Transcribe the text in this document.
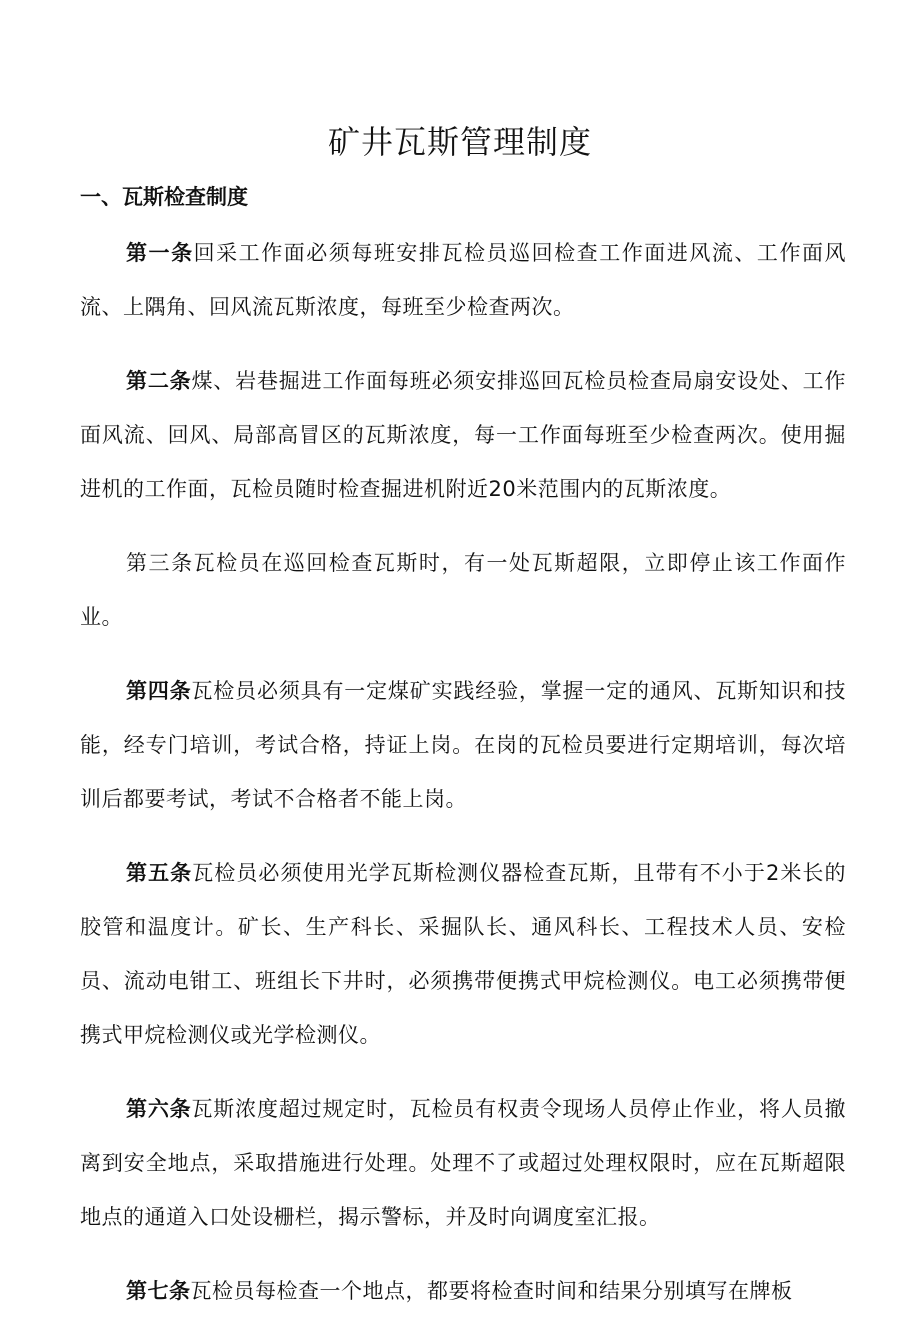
矿井瓦斯管理制度
一、瓦斯检查制度

第一条回采工作面必须每班安排瓦检员巡回检查工作面进风流、工作面风流、上隅角、回风流瓦斯浓度，每班至少检查两次。

第二条煤、岩巷掘进工作面每班必须安排巡回瓦检员检查局扇安设处、工作面风流、回风、局部高冒区的瓦斯浓度，每一工作面每班至少检查两次。使用掘进机的工作面，瓦检员随时检查掘进机附近20米范围内的瓦斯浓度。

第三条瓦检员在巡回检查瓦斯时，有一处瓦斯超限，立即停止该工作面作业。

第四条瓦检员必须具有一定煤矿实践经验，掌握一定的通风、瓦斯知识和技能，经专门培训，考试合格，持证上岗。在岗的瓦检员要进行定期培训，每次培训后都要考试，考试不合格者不能上岗。

第五条瓦检员必须使用光学瓦斯检测仪器检查瓦斯，且带有不小于2米长的胶管和温度计。矿长、生产科长、采掘队长、通风科长、工程技术人员、安检员、流动电钳工、班组长下井时，必须携带便携式甲烷检测仪。电工必须携带便携式甲烷检测仪或光学检测仪。

第六条瓦斯浓度超过规定时，瓦检员有权责令现场人员停止作业，将人员撤离到安全地点，采取措施进行处理。处理不了或超过处理权限时，应在瓦斯超限地点的通道入口处设栅栏，揭示警标，并及时向调度室汇报。

第七条瓦检员每检查一个地点，都要将检查时间和结果分别填写在牌板
